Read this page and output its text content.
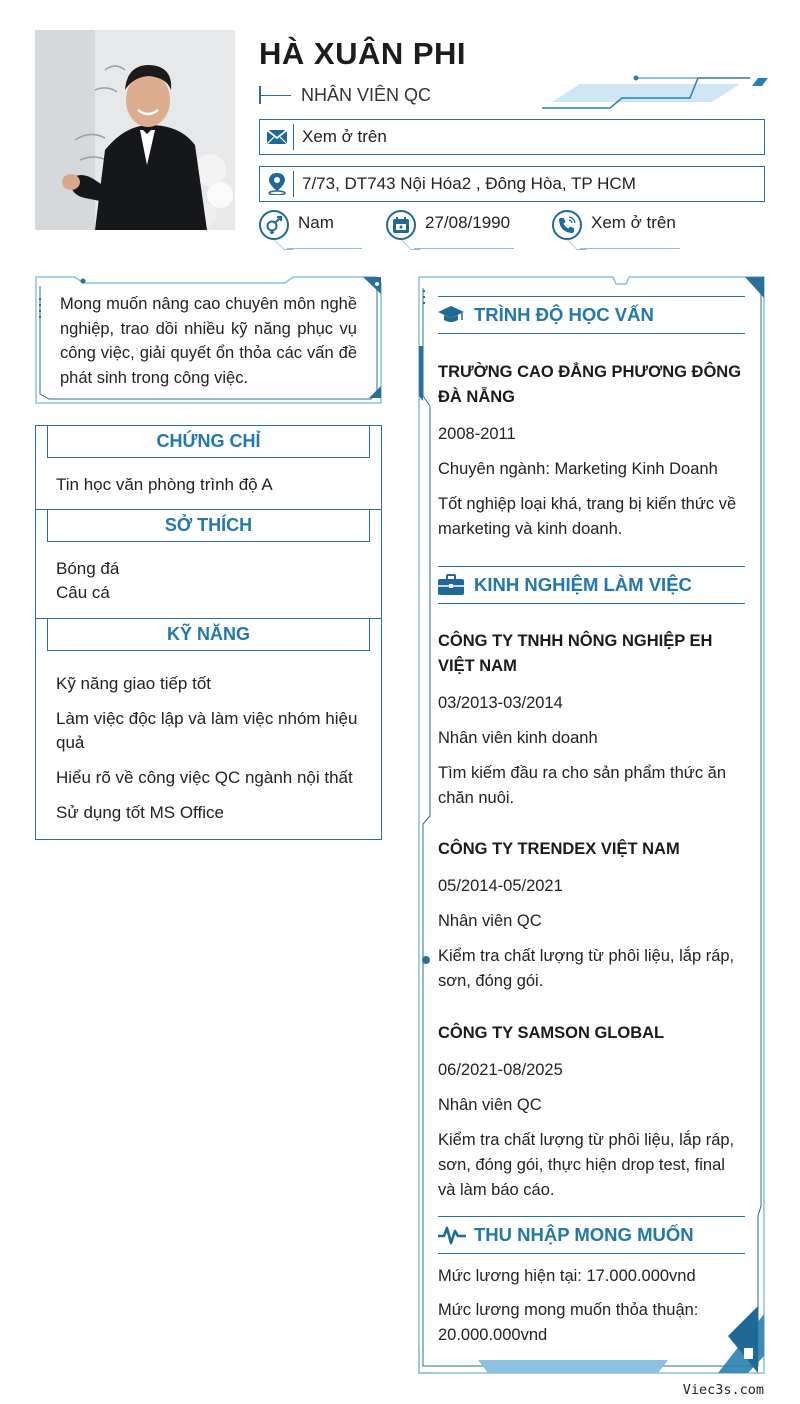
HÀ XUÂN PHI
NHÂN VIÊN QC
Xem ở trên
7/73, DT743 Nội Hóa2 , Đông Hòa, TP HCM
Nam	27/08/1990	Xem ở trên

Mong muốn nâng cao chuyên môn nghề nghiệp, trao dồi nhiều kỹ năng phục vụ công việc, giải quyết ổn thỏa các vấn đề phát sinh trong công việc.

CHỨNG CHỈ
Tin học văn phòng trình độ A
SỞ THÍCH
Bóng đá
Câu cá
KỸ NĂNG
Kỹ năng giao tiếp tốt
Làm việc độc lập và làm việc nhóm hiệu quả
Hiểu rõ về công việc QC ngành nội thất
Sử dụng tốt MS Office
TRÌNH ĐỘ HỌC VẤN
TRƯỜNG CAO ĐẲNG PHƯƠNG ĐÔNG ĐÀ NẴNG
2008-2011
Chuyên ngành: Marketing Kinh Doanh
Tốt nghiệp loại khá, trang bị kiến thức về marketing và kinh doanh.
KINH NGHIỆM LÀM VIỆC
CÔNG TY TNHH NÔNG NGHIỆP EH VIỆT NAM
03/2013-03/2014
Nhân viên kinh doanh
Tìm kiếm đầu ra cho sản phẩm thức ăn chăn nuôi.
CÔNG TY TRENDEX VIỆT NAM
05/2014-05/2021
Nhân viên QC
Kiểm tra chất lượng từ phôi liệu, lắp ráp, sơn, đóng gói.
CÔNG TY SAMSON GLOBAL
06/2021-08/2025
Nhân viên QC
Kiểm tra chất lượng từ phôi liệu, lắp ráp, sơn, đóng gói, thực hiện drop test, final và làm báo cáo.
THU NHẬP MONG MUỐN
Mức lương hiện tại: 17.000.000vnd
Mức lương mong muốn thỏa thuận: 20.000.000vnd
Viec3s.com
